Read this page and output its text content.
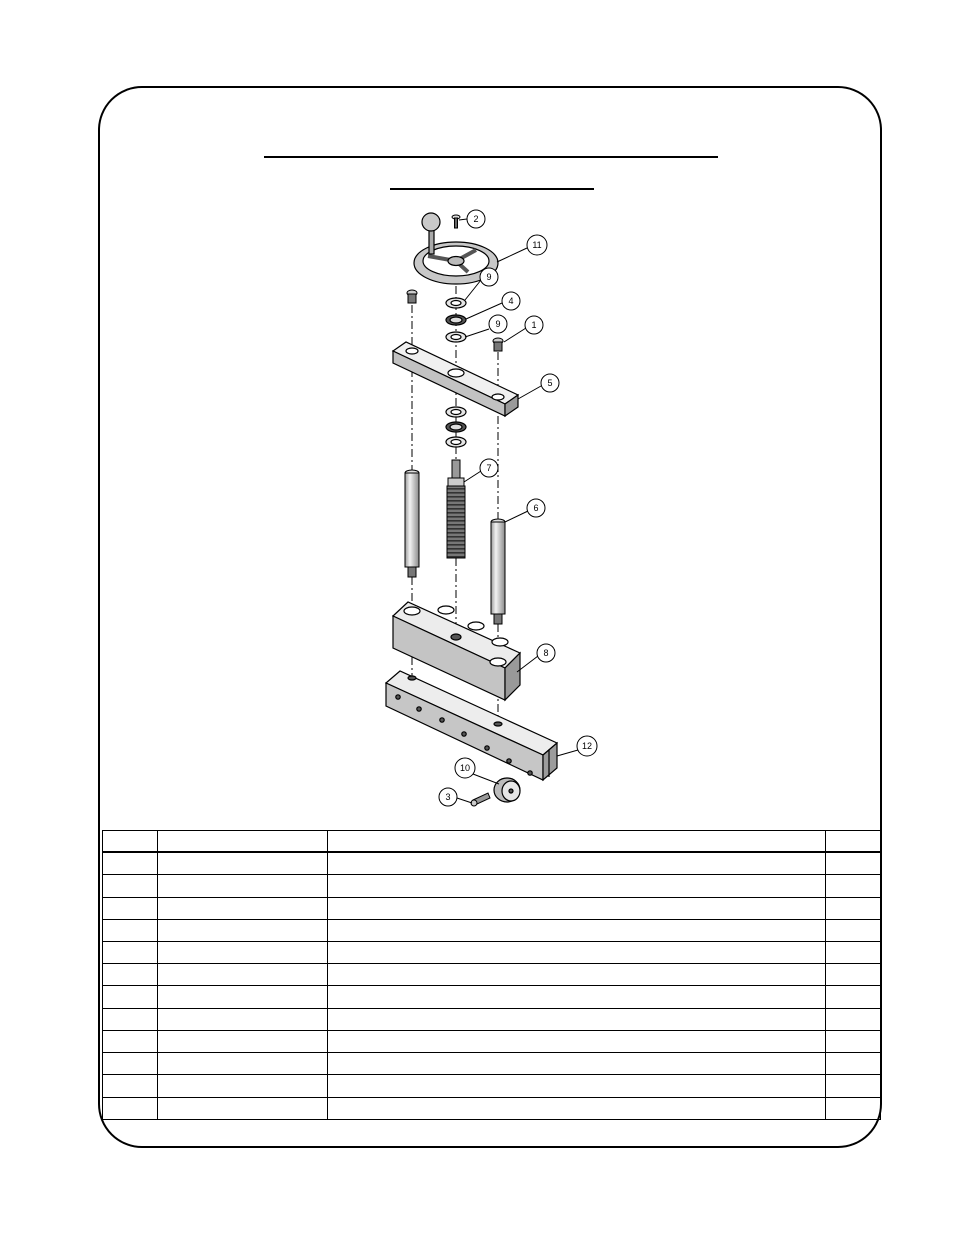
2
11
9
4
9	1
5
7
6
8
12
10
3
